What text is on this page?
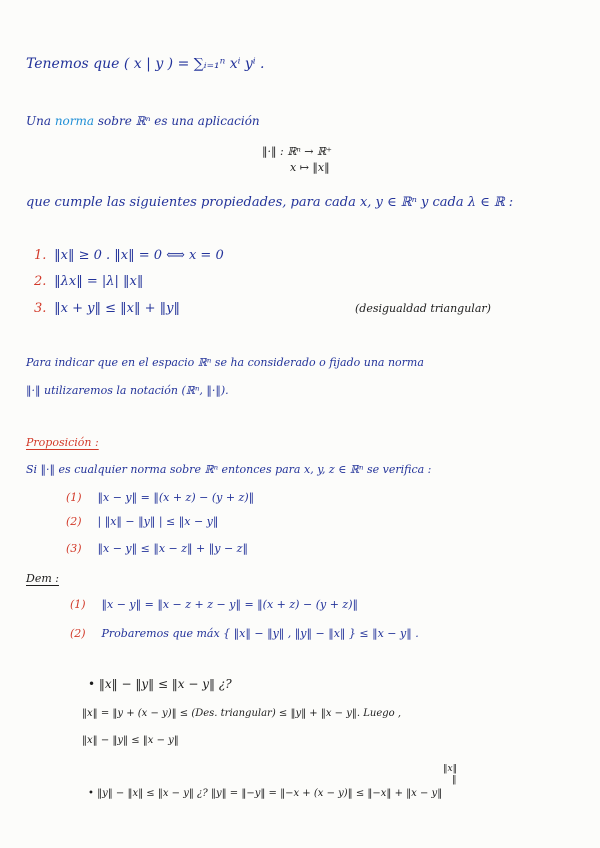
Tenemos que ( x | y ) = ∑ᵢ₌₁ⁿ xⁱ yⁱ .
Una norma sobre ℝⁿ es una aplicación
‖·‖ : ℝⁿ → ℝ⁺
x ↦ ‖x‖
que cumple las siguientes propiedades, para cada x, y ∈ ℝⁿ y cada λ ∈ ℝ :
1. ‖x‖ ≥ 0 . ‖x‖ = 0 ⟺ x = 0
2. ‖λx‖ = |λ| ‖x‖
3. ‖x + y‖ ≤ ‖x‖ + ‖y‖	(desigualdad triangular)
Para indicar que en el espacio ℝⁿ se ha considerado o fijado una norma
‖·‖ utilizaremos la notación (ℝⁿ, ‖·‖).
Proposición :
Si ‖·‖ es cualquier norma sobre ℝⁿ entonces para x, y, z ∈ ℝⁿ se verifica :
(1) ‖x − y‖ = ‖(x + z) − (y + z)‖
(2) | ‖x‖ − ‖y‖ | ≤ ‖x − y‖
(3) ‖x − y‖ ≤ ‖x − z‖ + ‖y − z‖
Dem :
(1) ‖x − y‖ = ‖x − z + z − y‖ = ‖(x + z) − (y + z)‖
(2) Probaremos que máx { ‖x‖ − ‖y‖ , ‖y‖ − ‖x‖ } ≤ ‖x − y‖ .
• ‖x‖ − ‖y‖ ≤ ‖x − y‖ ¿?
‖x‖ = ‖y + (x − y)‖ ≤ (Des. triangular) ≤ ‖y‖ + ‖x − y‖. Luego ,
‖x‖ − ‖y‖ ≤ ‖x − y‖
‖x‖
‖
• ‖y‖ − ‖x‖ ≤ ‖x − y‖ ¿? ‖y‖ = ‖−y‖ = ‖−x + (x − y)‖ ≤ ‖−x‖ + ‖x − y‖
